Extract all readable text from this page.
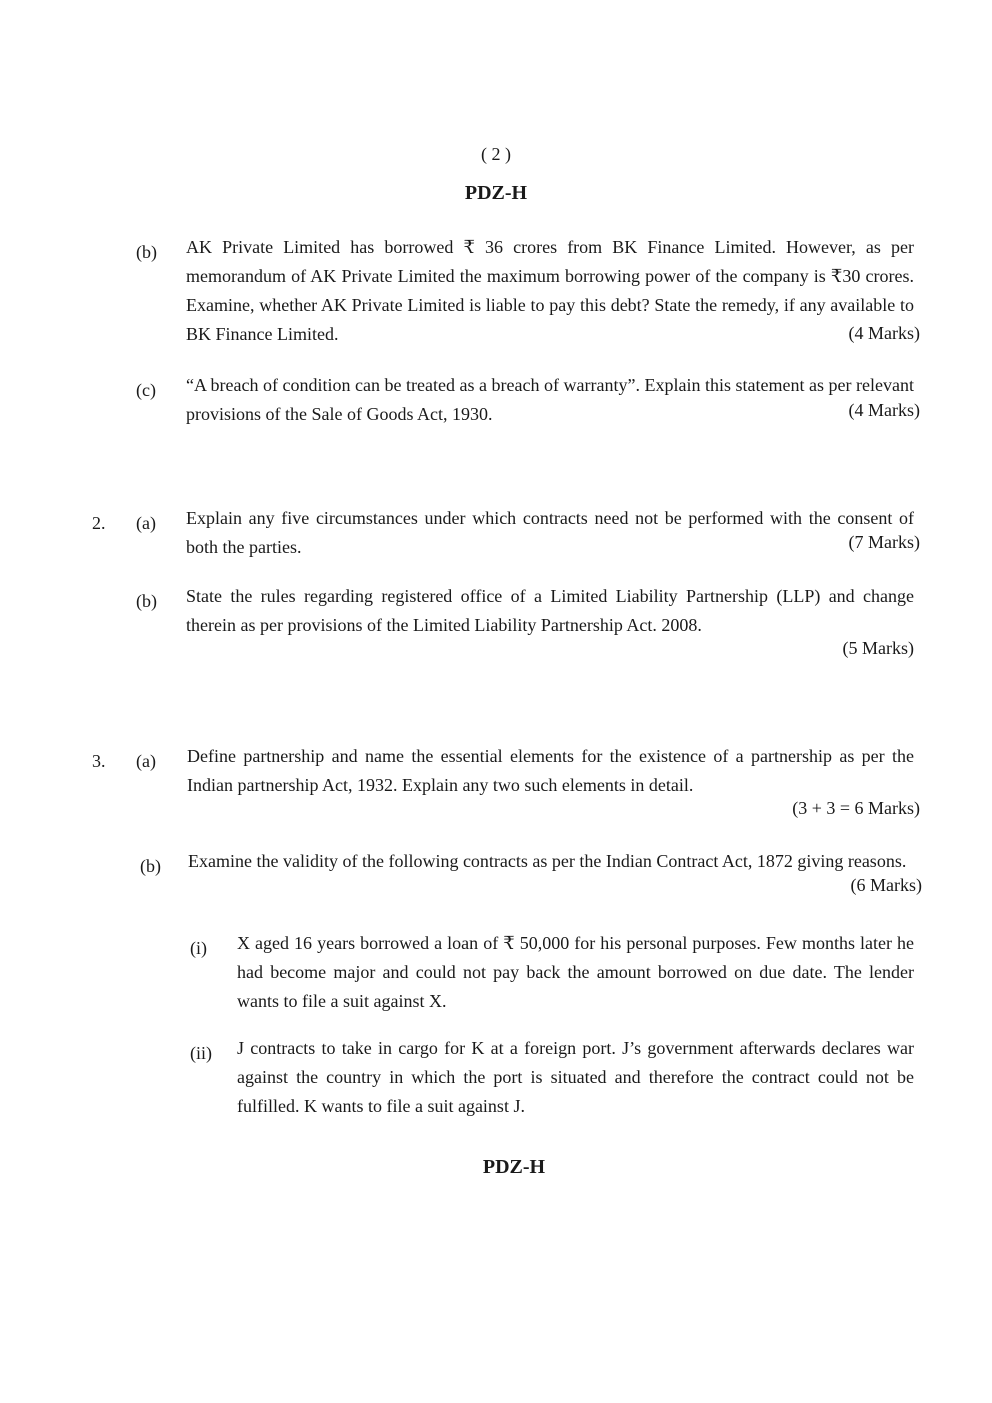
( 2 )
PDZ-H
(b) AK Private Limited has borrowed ₹ 36 crores from BK Finance Limited. However, as per memorandum of AK Private Limited the maximum borrowing power of the company is ₹30 crores. Examine, whether AK Private Limited is liable to pay this debt? State the remedy, if any available to BK Finance Limited.	(4 Marks)
(c) “A breach of condition can be treated as a breach of warranty”. Explain this statement as per relevant provisions of the Sale of Goods Act, 1930.	(4 Marks)
2. (a) Explain any five circumstances under which contracts need not be performed with the consent of both the parties.	(7 Marks)
(b) State the rules regarding registered office of a Limited Liability Partnership (LLP) and change therein as per provisions of the Limited Liability Partnership Act. 2008.
(5 Marks)
3. (a) Define partnership and name the essential elements for the existence of a partnership as per the Indian partnership Act, 1932. Explain any two such elements in detail.
(3 + 3 = 6 Marks)
(b) Examine the validity of the following contracts as per the Indian Contract Act, 1872 giving reasons.
(6 Marks)
(i) X aged 16 years borrowed a loan of ₹ 50,000 for his personal purposes. Few months later he had become major and could not pay back the amount borrowed on due date. The lender wants to file a suit against X.
(ii) J contracts to take in cargo for K at a foreign port. J’s government afterwards declares war against the country in which the port is situated and therefore the contract could not be fulfilled. K wants to file a suit against J.
PDZ-H
